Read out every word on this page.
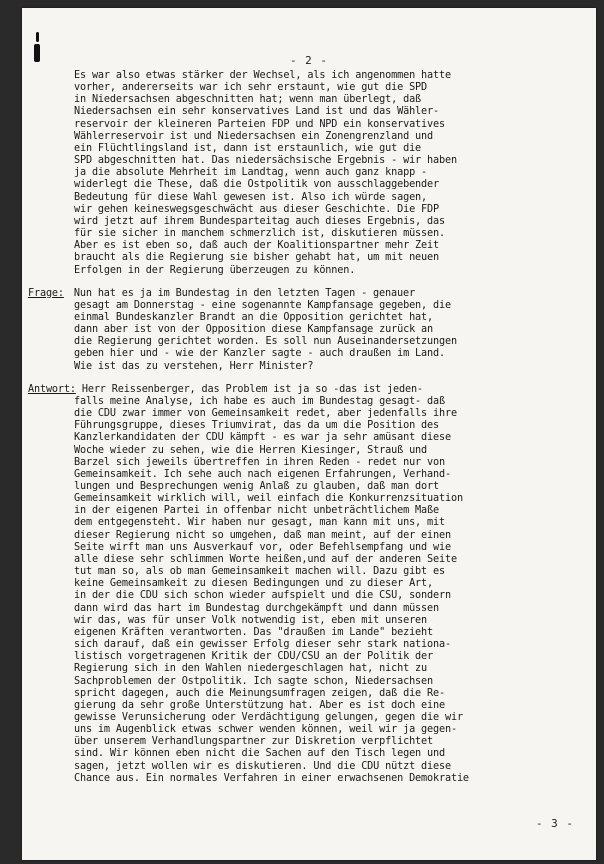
- 2 -
Es war also etwas stärker der Wechsel, als ich angenommen hatte
vorher, andererseits war ich sehr erstaunt, wie gut die SPD
in Niedersachsen abgeschnitten hat; wenn man überlegt, daß
Niedersachsen ein sehr konservatives Land ist und das Wähler-
reservoir der kleineren Parteien FDP und NPD ein konservatives
Wählerreservoir ist und Niedersachsen ein Zonengrenzland und
ein Flüchtlingsland ist, dann ist erstaunlich, wie gut die
SPD abgeschnitten hat. Das niedersächsische Ergebnis - wir haben
ja die absolute Mehrheit im Landtag, wenn auch ganz knapp -
widerlegt die These, daß die Ostpolitik von ausschlaggebender
Bedeutung für diese Wahl gewesen ist. Also ich würde sagen,
wir gehen keineswegsgeschwächt aus dieser Geschichte. Die FDP
wird jetzt auf ihrem Bundesparteitag auch dieses Ergebnis, das
für sie sicher in manchem schmerzlich ist, diskutieren müssen.
Aber es ist eben so, daß auch der Koalitionspartner mehr Zeit
braucht als die Regierung sie bisher gehabt hat, um mit neuen
Erfolgen in der Regierung überzeugen zu können.
Frage: Nun hat es ja im Bundestag in den letzten Tagen - genauer
gesagt am Donnerstag - eine sogenannte Kampfansage gegeben, die
einmal Bundeskanzler Brandt an die Opposition gerichtet hat,
dann aber ist von der Opposition diese Kampfansage zurück an
die Regierung gerichtet worden. Es soll nun Auseinandersetzungen
geben hier und - wie der Kanzler sagte - auch draußen im Land.
Wie ist das zu verstehen, Herr Minister?
Antwort: Herr Reissenberger, das Problem ist ja so -das ist jeden-
falls meine Analyse, ich habe es auch im Bundestag gesagt- daß
die CDU zwar immer von Gemeinsamkeit redet, aber jedenfalls ihre
Führungsgruppe, dieses Triumvirat, das da um die Position des
Kanzlerkandidaten der CDU kämpft - es war ja sehr amüsant diese
Woche wieder zu sehen, wie die Herren Kiesinger, Strauß und
Barzel sich jeweils übertreffen in ihren Reden - redet nur von
Gemeinsamkeit. Ich sehe auch nach eigenen Erfahrungen, Verhand-
lungen und Besprechungen wenig Anlaß zu glauben, daß man dort
Gemeinsamkeit wirklich will, weil einfach die Konkurrenzsituation
in der eigenen Partei in offenbar nicht unbeträchtlichem Maße
dem entgegensteht. Wir haben nur gesagt, man kann mit uns, mit
dieser Regierung nicht so umgehen, daß man meint, auf der einen
Seite wirft man uns Ausverkauf vor, oder Befehlsempfang und wie
alle diese sehr schlimmen Worte heißen,und auf der anderen Seite
tut man so, als ob man Gemeinsamkeit machen will. Dazu gibt es
keine Gemeinsamkeit zu diesen Bedingungen und zu dieser Art,
in der die CDU sich schon wieder aufspielt und die CSU, sondern
dann wird das hart im Bundestag durchgekämpft und dann müssen
wir das, was für unser Volk notwendig ist, eben mit unseren
eigenen Kräften verantworten. Das "draußen im Lande" bezieht
sich darauf, daß ein gewisser Erfolg dieser sehr stark nationa-
listisch vorgetragenen Kritik der CDU/CSU an der Politik der
Regierung sich in den Wahlen niedergeschlagen hat, nicht zu
Sachproblemen der Ostpolitik. Ich sagte schon, Niedersachsen
spricht dagegen, auch die Meinungsumfragen zeigen, daß die Re-
gierung da sehr große Unterstützung hat. Aber es ist doch eine
gewisse Verunsicherung oder Verdächtigung gelungen, gegen die wir
uns im Augenblick etwas schwer wenden können, weil wir ja gegen-
über unserem Verhandlungspartner zur Diskretion verpflichtet
sind. Wir können eben nicht die Sachen auf den Tisch legen und
sagen, jetzt wollen wir es diskutieren. Und die CDU nützt diese
Chance aus. Ein normales Verfahren in einer erwachsenen Demokratie
- 3 -
